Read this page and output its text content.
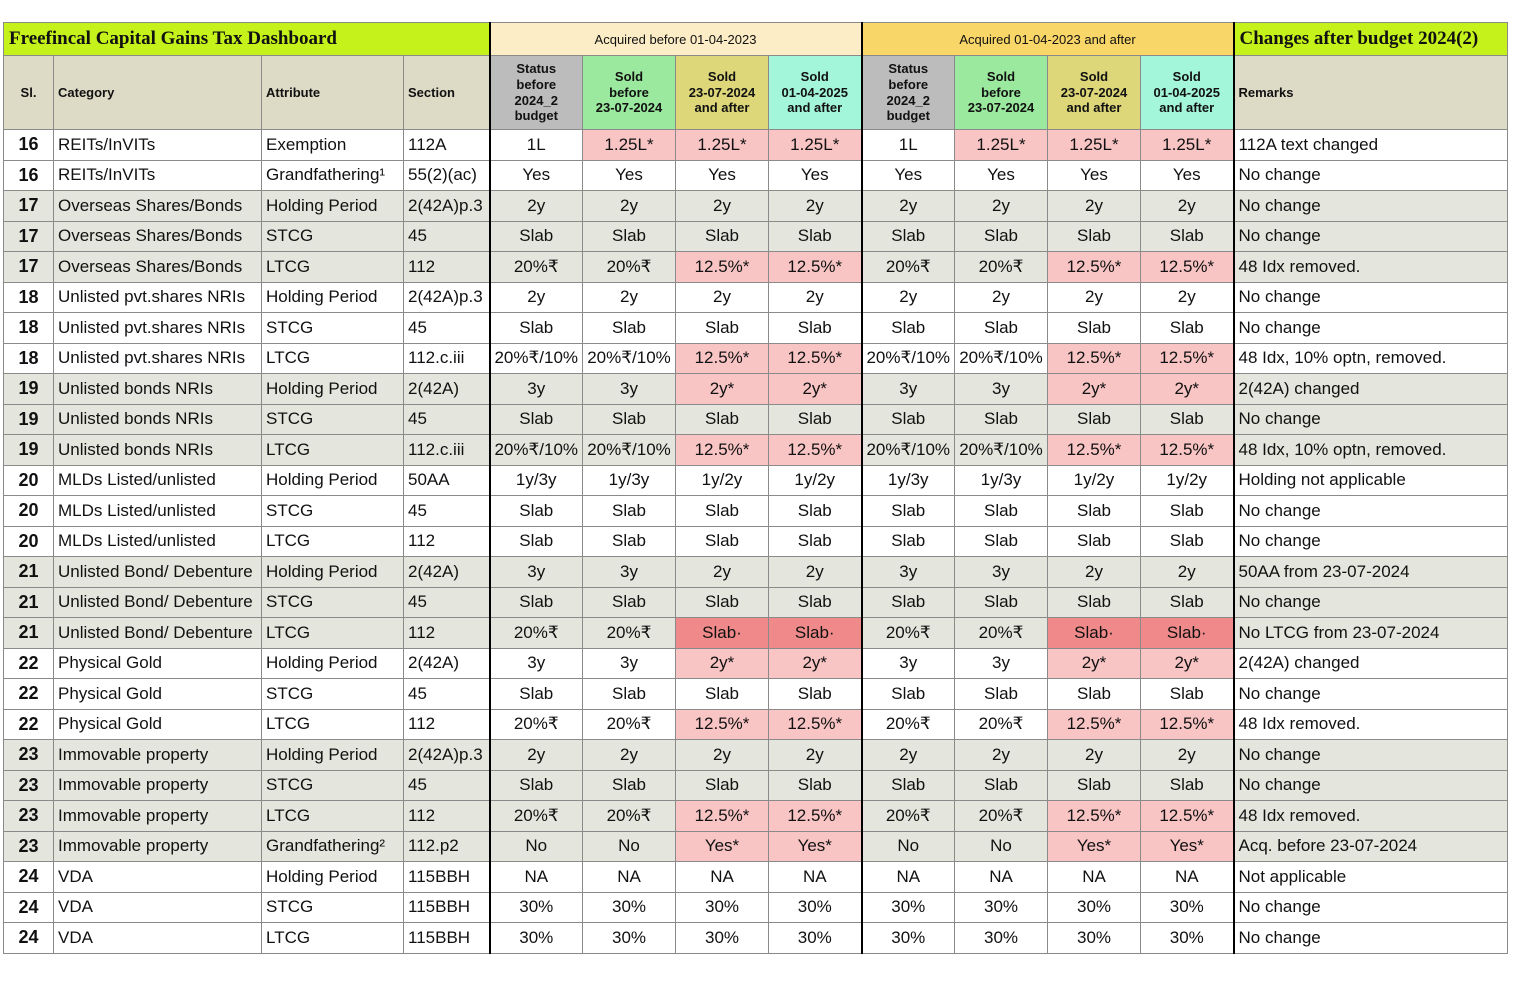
Freefincal Capital Gains Tax Dashboard				Acquired before 01-04-2023				Acquired 01-04-2023 and after				Changes after budget 2024(2)
Sl.	Category	Attribute	Section	Status
before
2024_2
budget	Sold
before
23-07-2024	Sold
23-07-2024
and after	Sold
01-04-2025
and after	Status
before
2024_2
budget	Sold
before
23-07-2024	Sold
23-07-2024
and after	Sold
01-04-2025
and after	Remarks
16	REITs/InVITs	Exemption	112A	1L	1.25L*	1.25L*	1.25L*	1L	1.25L*	1.25L*	1.25L*	112A text changed
16	REITs/InVITs	Grandfathering¹	55(2)(ac)	Yes	Yes	Yes	Yes	Yes	Yes	Yes	Yes	No change
17	Overseas Shares/Bonds	Holding Period	2(42A)p.3	2y	2y	2y	2y	2y	2y	2y	2y	No change
17	Overseas Shares/Bonds	STCG	45	Slab	Slab	Slab	Slab	Slab	Slab	Slab	Slab	No change
17	Overseas Shares/Bonds	LTCG	112	20%₹	20%₹	12.5%*	12.5%*	20%₹	20%₹	12.5%*	12.5%*	48 Idx removed.
18	Unlisted pvt.shares NRIs	Holding Period	2(42A)p.3	2y	2y	2y	2y	2y	2y	2y	2y	No change
18	Unlisted pvt.shares NRIs	STCG	45	Slab	Slab	Slab	Slab	Slab	Slab	Slab	Slab	No change
18	Unlisted pvt.shares NRIs	LTCG	112.c.iii	20%₹/10%	20%₹/10%	12.5%*	12.5%*	20%₹/10%	20%₹/10%	12.5%*	12.5%*	48 Idx, 10% optn, removed.
19	Unlisted bonds NRIs	Holding Period	2(42A)	3y	3y	2y*	2y*	3y	3y	2y*	2y*	2(42A) changed
19	Unlisted bonds NRIs	STCG	45	Slab	Slab	Slab	Slab	Slab	Slab	Slab	Slab	No change
19	Unlisted bonds NRIs	LTCG	112.c.iii	20%₹/10%	20%₹/10%	12.5%*	12.5%*	20%₹/10%	20%₹/10%	12.5%*	12.5%*	48 Idx, 10% optn, removed.
20	MLDs Listed/unlisted	Holding Period	50AA	1y/3y	1y/3y	1y/2y	1y/2y	1y/3y	1y/3y	1y/2y	1y/2y	Holding not applicable
20	MLDs Listed/unlisted	STCG	45	Slab	Slab	Slab	Slab	Slab	Slab	Slab	Slab	No change
20	MLDs Listed/unlisted	LTCG	112	Slab	Slab	Slab	Slab	Slab	Slab	Slab	Slab	No change
21	Unlisted Bond/ Debenture	Holding Period	2(42A)	3y	3y	2y	2y	3y	3y	2y	2y	50AA from 23-07-2024
21	Unlisted Bond/ Debenture	STCG	45	Slab	Slab	Slab	Slab	Slab	Slab	Slab	Slab	No change
21	Unlisted Bond/ Debenture	LTCG	112	20%₹	20%₹	Slab·	Slab·	20%₹	20%₹	Slab·	Slab·	No LTCG from 23-07-2024
22	Physical Gold	Holding Period	2(42A)	3y	3y	2y*	2y*	3y	3y	2y*	2y*	2(42A) changed
22	Physical Gold	STCG	45	Slab	Slab	Slab	Slab	Slab	Slab	Slab	Slab	No change
22	Physical Gold	LTCG	112	20%₹	20%₹	12.5%*	12.5%*	20%₹	20%₹	12.5%*	12.5%*	48 Idx removed.
23	Immovable property	Holding Period	2(42A)p.3	2y	2y	2y	2y	2y	2y	2y	2y	No change
23	Immovable property	STCG	45	Slab	Slab	Slab	Slab	Slab	Slab	Slab	Slab	No change
23	Immovable property	LTCG	112	20%₹	20%₹	12.5%*	12.5%*	20%₹	20%₹	12.5%*	12.5%*	48 Idx removed.
23	Immovable property	Grandfathering²	112.p2	No	No	Yes*	Yes*	No	No	Yes*	Yes*	Acq. before 23-07-2024
24	VDA	Holding Period	115BBH	NA	NA	NA	NA	NA	NA	NA	NA	Not applicable
24	VDA	STCG	115BBH	30%	30%	30%	30%	30%	30%	30%	30%	No change
24	VDA	LTCG	115BBH	30%	30%	30%	30%	30%	30%	30%	30%	No change
